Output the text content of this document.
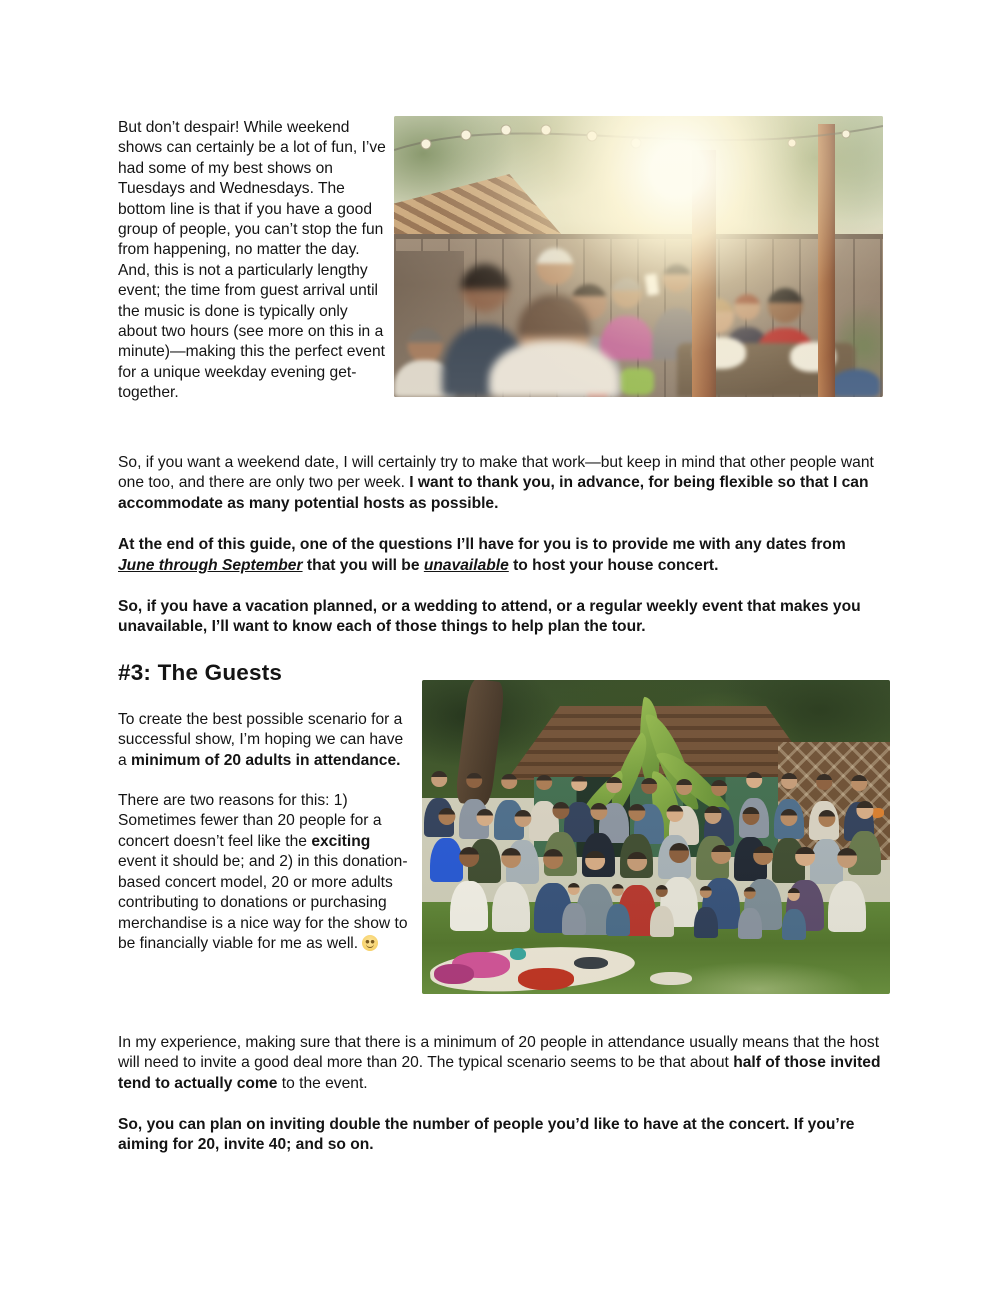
But don’t despair! While weekend shows can certainly be a lot of fun, I’ve had some of my best shows on Tuesdays and Wednesdays. The bottom line is that if you have a good group of people, you can’t stop the fun from happening, no matter the day. And, this is not a particularly lengthy event; the time from guest arrival until the music is done is typically only about two hours (see more on this in a minute)—making this the perfect event for a unique weekday evening get-together.

So, if you want a weekend date, I will certainly try to make that work—but keep in mind that other people want one too, and there are only two per week. I want to thank you, in advance, for being flexible so that I can accommodate as many potential hosts as possible.

At the end of this guide, one of the questions I’ll have for you is to provide me with any dates from June through September that you will be unavailable to host your house concert.

So, if you have a vacation planned, or a wedding to attend, or a regular weekly event that makes you unavailable, I’ll want to know each of those things to help plan the tour.

#3: The Guests

To create the best possible scenario for a successful show, I’m hoping we can have a minimum of 20 adults in attendance.

There are two reasons for this: 1) Sometimes fewer than 20 people for a concert doesn’t feel like the exciting event it should be; and 2) in this donation-based concert model, 20 or more adults contributing to donations or purchasing merchandise is a nice way for the show to be financially viable for me as well.

In my experience, making sure that there is a minimum of 20 people in attendance usually means that the host will need to invite a good deal more than 20. The typical scenario seems to be that about half of those invited tend to actually come to the event.

So, you can plan on inviting double the number of people you’d like to have at the concert. If you’re aiming for 20, invite 40; and so on.
